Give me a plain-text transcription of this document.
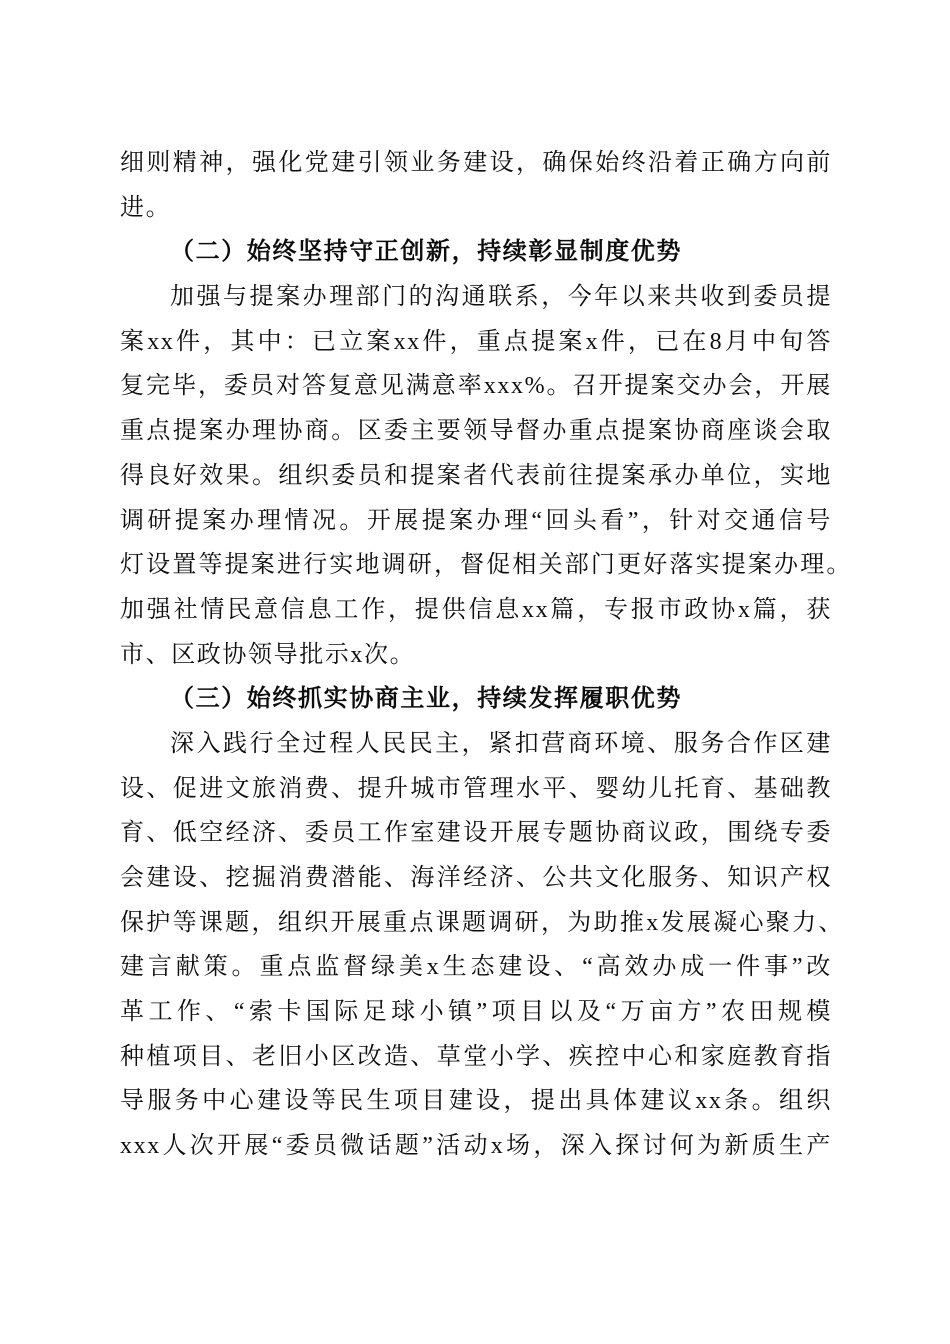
细则精神，强化党建引领业务建设，确保始终沿着正确方向前
进。
（二）始终坚持守正创新，持续彰显制度优势
加强与提案办理部门的沟通联系，今年以来共收到委员提
案xx件，其中：已立案xx件，重点提案x件，已在8月中旬答
复完毕，委员对答复意见满意率xxx%。召开提案交办会，开展
重点提案办理协商。区委主要领导督办重点提案协商座谈会取
得良好效果。组织委员和提案者代表前往提案承办单位，实地
调研提案办理情况。开展提案办理“回头看”，针对交通信号
灯设置等提案进行实地调研，督促相关部门更好落实提案办理。
加强社情民意信息工作，提供信息xx篇，专报市政协x篇，获
市、区政协领导批示x次。
（三）始终抓实协商主业，持续发挥履职优势
深入践行全过程人民民主，紧扣营商环境、服务合作区建
设、促进文旅消费、提升城市管理水平、婴幼儿托育、基础教
育、低空经济、委员工作室建设开展专题协商议政，围绕专委
会建设、挖掘消费潜能、海洋经济、公共文化服务、知识产权
保护等课题，组织开展重点课题调研，为助推x发展凝心聚力、
建言献策。重点监督绿美x生态建设、“高效办成一件事”改
革工作、“索卡国际足球小镇”项目以及“万亩方”农田规模
种植项目、老旧小区改造、草堂小学、疾控中心和家庭教育指
导服务中心建设等民生项目建设，提出具体建议xx条。组织
xxx人次开展“委员微话题”活动x场，深入探讨何为新质生产
